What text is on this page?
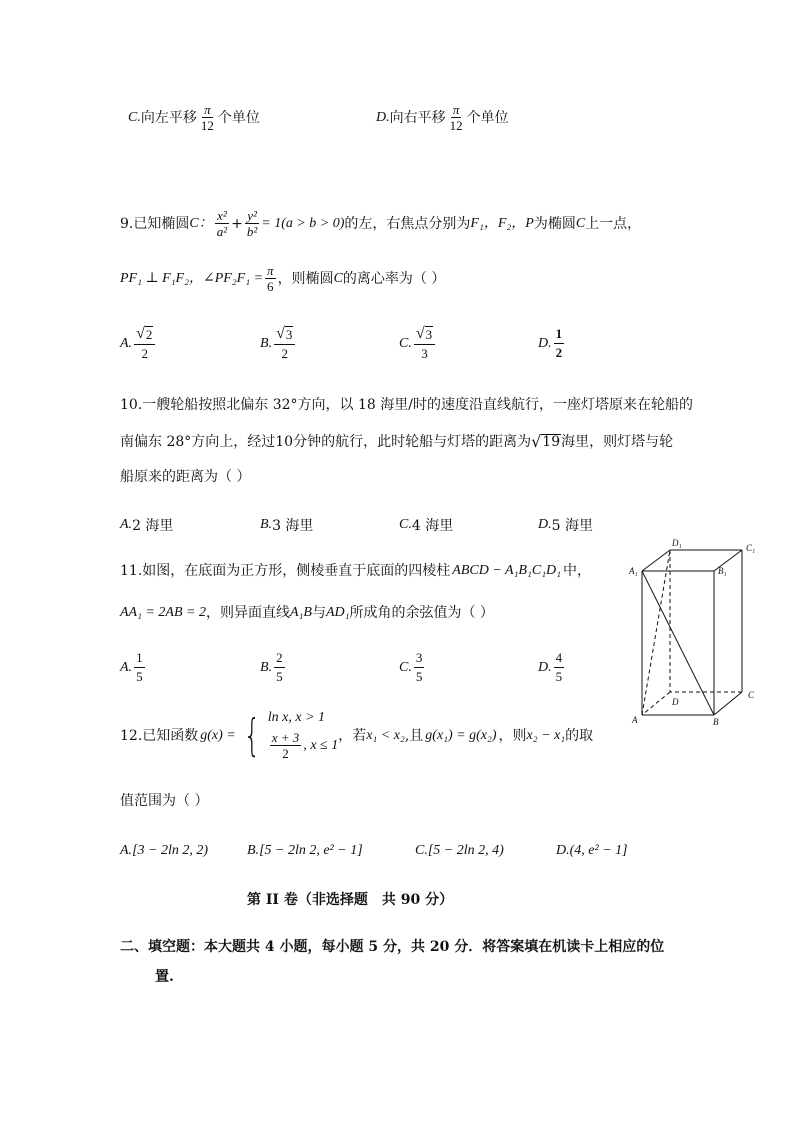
C. 向左平移 $\frac{\pi}{12}$ 个单位	D. 向右平移 $\frac{\pi}{12}$ 个单位
9. 已知椭圆 C： $\frac{\text{x²}}{\text{a²}} + \frac{\text{y²}}{\text{b²}} = 1(a > b > 0)$ 的左，右焦点分别为 F₁，F₂， P 为椭圆 C 上一点，
PF₁ ⊥ F₁F₂，∠PF₂F₁ = $\frac{\pi}{6}$ ，则椭圆 C 的离心率为（ ）
A. $\frac{√ 2}{2}$	B. $\frac{√ 3}{2}$	C. $\frac{√ 3}{3}$	D. $\frac{1}{2}$
10.一艘轮船按照北偏东 32°方向，以 18 海里/时的速度沿直线航行，一座灯塔原来在轮船的
南偏东 28°方向上，经过10分钟的航行，此时轮船与灯塔的距离为 √ 19 海里，则灯塔与轮
船原来的距离为（ ）
A. 2 海里	B. 3 海里	C. 4 海里	D. 5 海里
11.如图，在底面为正方形，侧棱垂直于底面的四棱柱 ABCD − A₁B₁C₁D₁ 中，
AA₁ = 2AB = 2 ，则异面直线 A₁B 与 AD₁ 所成角的余弦值为（ ）
A. $\frac{1}{5}$	B. $\frac{2}{5}$	C. $\frac{3}{5}$	D. $\frac{4}{5}$
D₁	C₁
A₁	B₁
D
C
A	B
12.已知函数 g(x) = { ln x, x > 1
$\frac{x + 3}{2}$ , x ≤ 1
，若 x₁ < x₂ ,且 g(x₁) = g(x₂) ，则 x₂ − x₁ 的取
值范围为（ ）
A. [3 − 2ln 2, 2)	B. [5 − 2ln 2, e² − 1]	C. [5 − 2ln 2, 4)	D. (4, e² − 1]
第 II 卷（非选择题　共 90 分）
二、填空题：本大题共 4 小题，每小题 5 分，共 20 分．将答案填在机读卡上相应的位
置.
